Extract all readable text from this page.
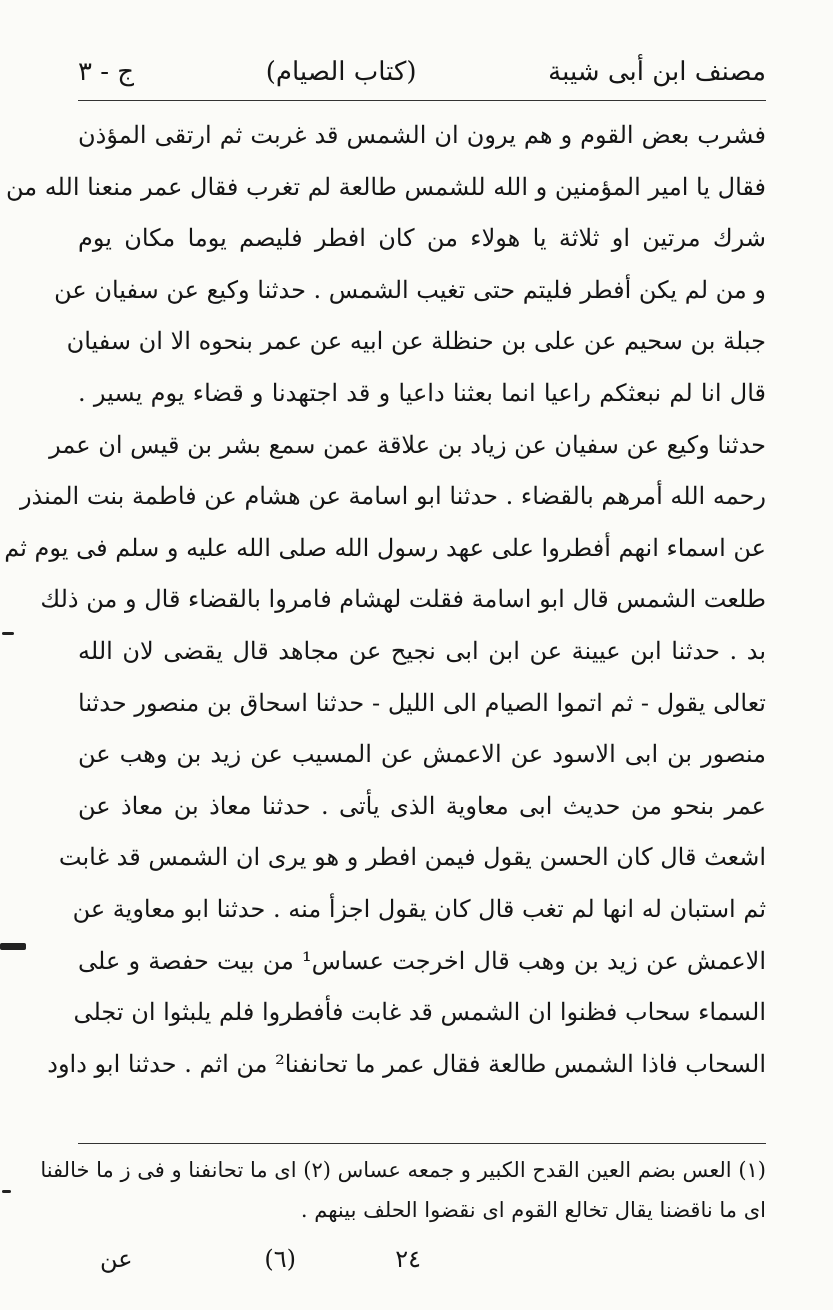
مصنف ابن أبى شيبة
(كتاب الصيام)
ج - ٣
فشرب بعض القوم و هم يرون ان الشمس قد غربت ثم ارتقى المؤذن
فقال يا امير المؤمنين و الله للشمس طالعة لم تغرب فقال عمر منعنا الله من
شرك مرتين او ثلاثة يا هولاء من كان افطر فليصم يوما مكان يوم
و من لم يكن أفطر فليتم حتى تغيب الشمس . حدثنا وكيع عن سفيان عن
جبلة بن سحيم عن على بن حنظلة عن ابيه عن عمر بنحوه الا ان سفيان
قال انا لم نبعثكم راعيا انما بعثنا داعيا و قد اجتهدنا و قضاء يوم يسير .
حدثنا وكيع عن سفيان عن زياد بن علاقة عمن سمع بشر بن قيس ان عمر
رحمه الله أمرهم بالقضاء . حدثنا ابو اسامة عن هشام عن فاطمة بنت المنذر
عن اسماء انهم أفطروا على عهد رسول الله صلى الله عليه و سلم فى يوم ثم
طلعت الشمس قال ابو اسامة فقلت لهشام فامروا بالقضاء قال و من ذلك
بد . حدثنا ابن عيينة عن ابن ابى نجيح عن مجاهد قال يقضى لان الله
تعالى يقول - ثم اتموا الصيام الى الليل - حدثنا اسحاق بن منصور حدثنا
منصور بن ابى الاسود عن الاعمش عن المسيب عن زيد بن وهب عن
عمر بنحو من حديث ابى معاوية الذى يأتى . حدثنا معاذ بن معاذ عن
اشعث قال كان الحسن يقول فيمن افطر و هو يرى ان الشمس قد غابت
ثم استبان له انها لم تغب قال كان يقول اجزأ منه . حدثنا ابو معاوية عن
الاعمش عن زيد بن وهب قال اخرجت عساس¹ من بيت حفصة و على
السماء سحاب فظنوا ان الشمس قد غابت فأفطروا فلم يلبثوا ان تجلى
السحاب فاذا الشمس طالعة فقال عمر ما تحانفنا² من اثم . حدثنا ابو داود
(١) العس بضم العين القدح الكبير و جمعه عساس (٢) اى ما تحانفنا و فى ز ما خالفنا
اى ما ناقضنا يقال تخالع القوم اى نقضوا الحلف بينهم .
٢٤
(٦)
عن
